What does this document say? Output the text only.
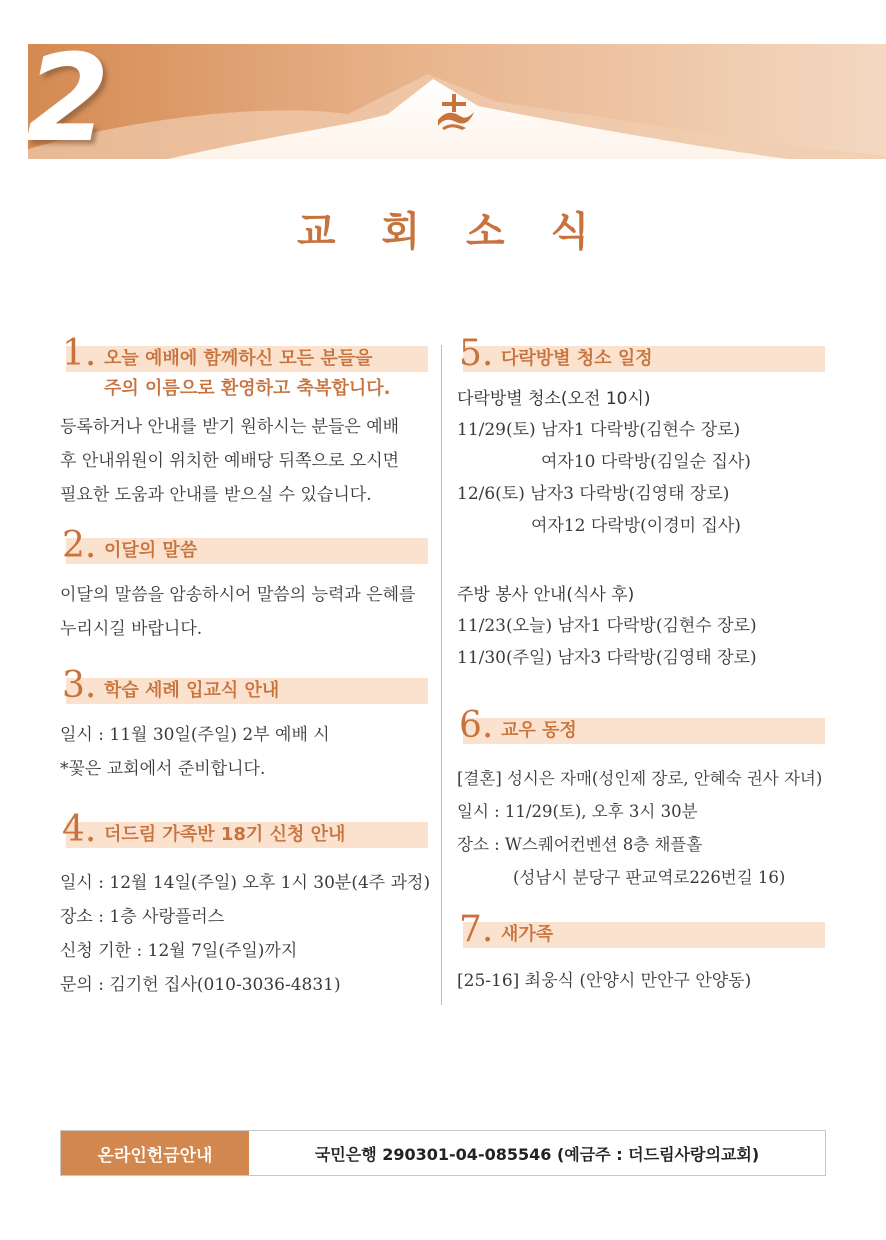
2
교 회 소 식
1. 오늘 예배에 함께하신 모든 분들을
주의 이름으로 환영하고 축복합니다.
등록하거나 안내를 받기 원하시는 분들은 예배
후 안내위원이 위치한 예배당 뒤쪽으로 오시면
필요한 도움과 안내를 받으실 수 있습니다.
2. 이달의 말씀
이달의 말씀을 암송하시어 말씀의 능력과 은혜를
누리시길 바랍니다.
3. 학습 세례 입교식 안내
일시 : 11월 30일(주일) 2부 예배 시
*꽃은 교회에서 준비합니다.
4. 더드림 가족반 18기 신청 안내
일시 : 12월 14일(주일) 오후 1시 30분(4주 과정)
장소 : 1층 사랑플러스
신청 기한 : 12월 7일(주일)까지
문의 : 김기헌 집사(010-3036-4831)
5. 다락방별 청소 일정
다락방별 청소(오전 10시)
11/29(토) 남자1 다락방(김현수 장로)
여자10 다락방(김일순 집사)
12/6(토) 남자3 다락방(김영태 장로)
여자12 다락방(이경미 집사)
주방 봉사 안내(식사 후)
11/23(오늘) 남자1 다락방(김현수 장로)
11/30(주일) 남자3 다락방(김영태 장로)
6. 교우 동정
[결혼] 성시은 자매(성인제 장로, 안혜숙 권사 자녀)
일시 : 11/29(토), 오후 3시 30분
장소 : W스퀘어컨벤션 8층 채플홀
(성남시 분당구 판교역로226번길 16)
7. 새가족
[25-16] 최웅식 (안양시 만안구 안양동)
온라인헌금안내	국민은행 290301-04-085546 (예금주 : 더드림사랑의교회)
